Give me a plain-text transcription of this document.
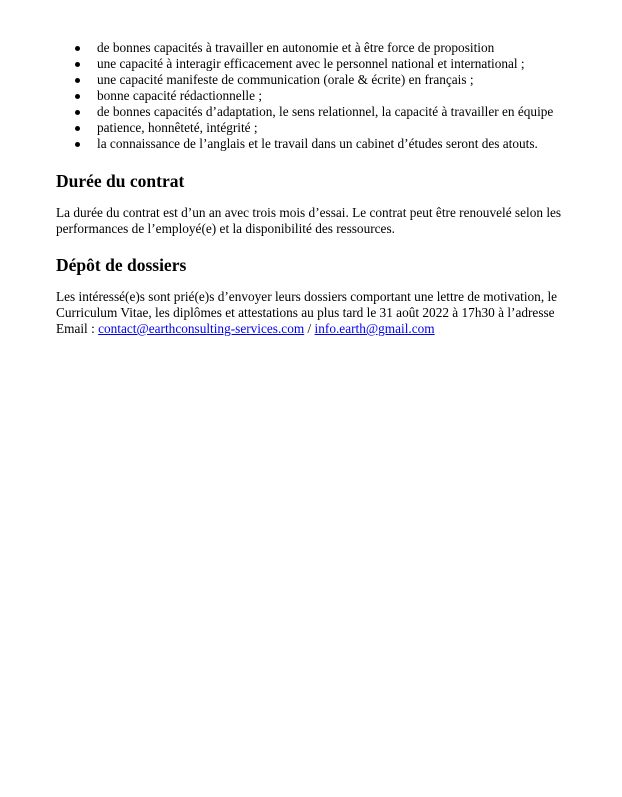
de bonnes capacités à travailler en autonomie et à être force de proposition
une capacité à interagir efficacement avec le personnel national et international ;
une capacité manifeste de communication (orale & écrite) en français ;
bonne capacité rédactionnelle ;
de bonnes capacités d’adaptation, le sens relationnel, la capacité à travailler en équipe
patience, honnêteté, intégrité ;
la connaissance de l’anglais et le travail dans un cabinet d’études seront des atouts.
Durée du contrat

La durée du contrat est d’un an avec trois mois d’essai. Le contrat peut être renouvelé selon les performances de l’employé(e) et la disponibilité des ressources.

Dépôt de dossiers

Les intéressé(e)s sont prié(e)s d’envoyer leurs dossiers comportant une lettre de motivation, le
Curriculum Vitae, les diplômes et attestations au plus tard le 31 août 2022 à 17h30 à l’adresse
Email : contact@earthconsulting-services.com / info.earth@gmail.com
